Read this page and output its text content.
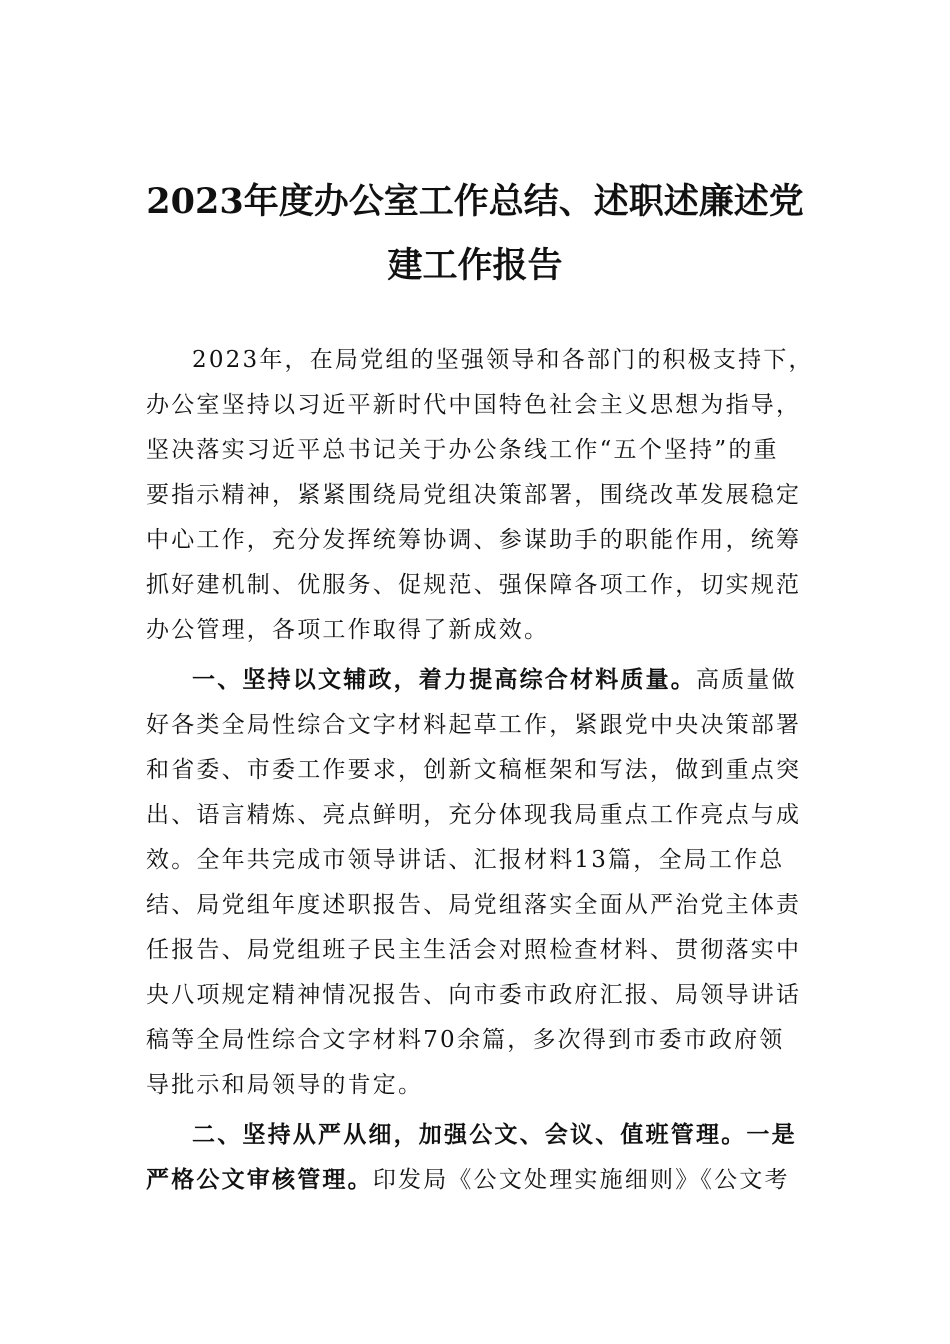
2023年度办公室工作总结、述职述廉述党
建工作报告

2023年，在局党组的坚强领导和各部门的积极支持下，
办公室坚持以习近平新时代中国特色社会主义思想为指导，
坚决落实习近平总书记关于办公条线工作“五个坚持”的重
要指示精神，紧紧围绕局党组决策部署，围绕改革发展稳定
中心工作，充分发挥统筹协调、参谋助手的职能作用，统筹
抓好建机制、优服务、促规范、强保障各项工作，切实规范
办公管理，各项工作取得了新成效。

一、坚持以文辅政，着力提高综合材料质量。高质量做
好各类全局性综合文字材料起草工作，紧跟党中央决策部署
和省委、市委工作要求，创新文稿框架和写法，做到重点突
出、语言精炼、亮点鲜明，充分体现我局重点工作亮点与成
效。全年共完成市领导讲话、汇报材料13篇，全局工作总
结、局党组年度述职报告、局党组落实全面从严治党主体责
任报告、局党组班子民主生活会对照检查材料、贯彻落实中
央八项规定精神情况报告、向市委市政府汇报、局领导讲话
稿等全局性综合文字材料70余篇，多次得到市委市政府领
导批示和局领导的肯定。

二、坚持从严从细，加强公文、会议、值班管理。一是
严格公文审核管理。印发局《公文处理实施细则》《公文考
